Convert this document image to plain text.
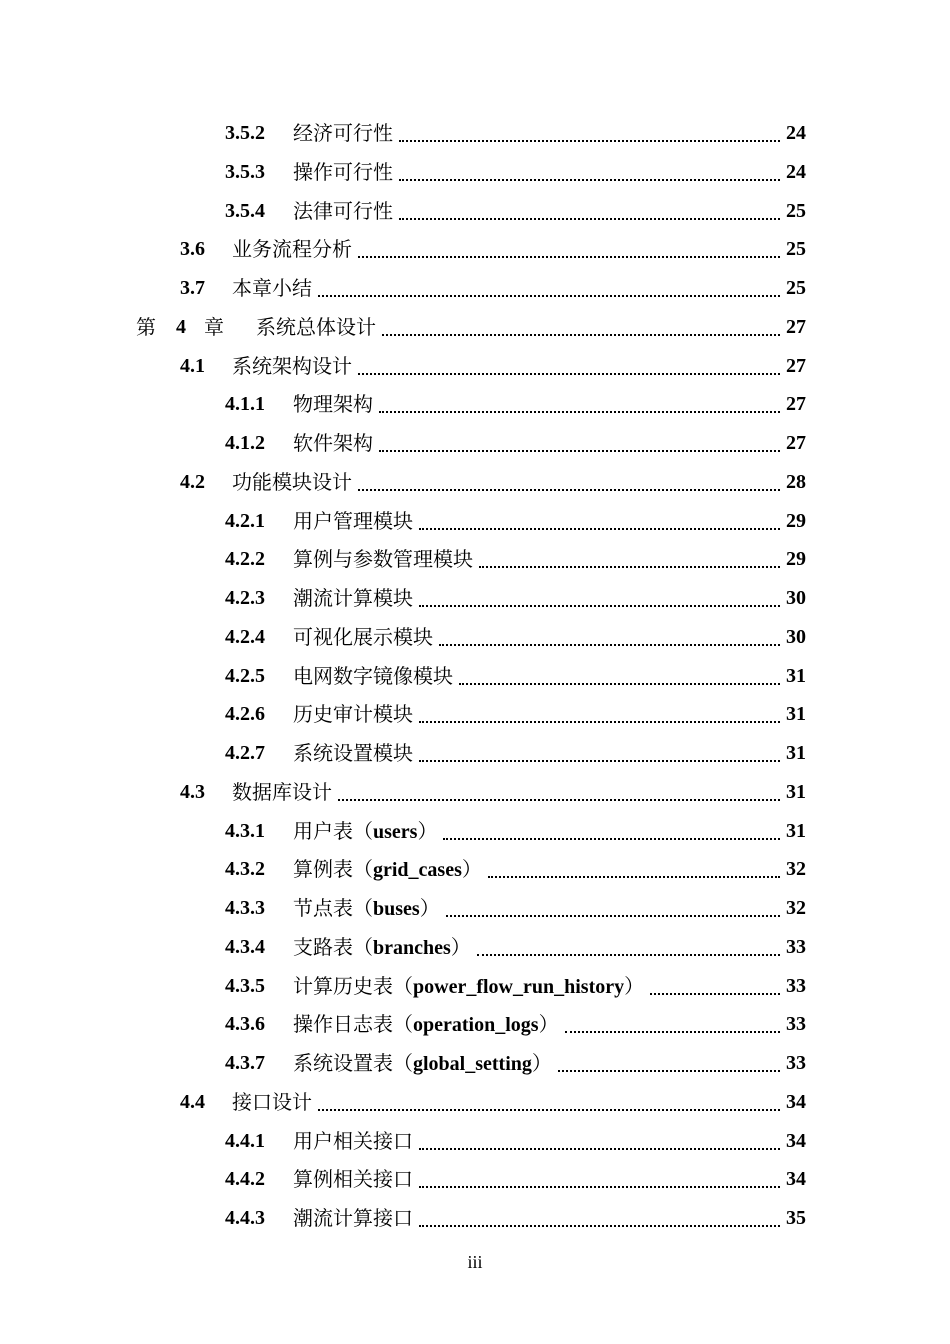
3.5.2 经济可行性	24
3.5.3 操作可行性	24
3.5.4 法律可行性	25
3.6 业务流程分析	25
3.7 本章小结	25
第 4 章 系统总体设计	27
4.1 系统架构设计	27
4.1.1 物理架构	27
4.1.2 软件架构	27
4.2 功能模块设计	28
4.2.1 用户管理模块	29
4.2.2 算例与参数管理模块	29
4.2.3 潮流计算模块	30
4.2.4 可视化展示模块	30
4.2.5 电网数字镜像模块	31
4.2.6 历史审计模块	31
4.2.7 系统设置模块	31
4.3 数据库设计	31
4.3.1 用户表（users）	31
4.3.2 算例表（grid_cases）	32
4.3.3 节点表（buses）	32
4.3.4 支路表（branches）	33
4.3.5 计算历史表（power_flow_run_history）	33
4.3.6 操作日志表（operation_logs）	33
4.3.7 系统设置表（global_setting）	33
4.4 接口设计	34
4.4.1 用户相关接口	34
4.4.2 算例相关接口	34
4.4.3 潮流计算接口	35
iii
